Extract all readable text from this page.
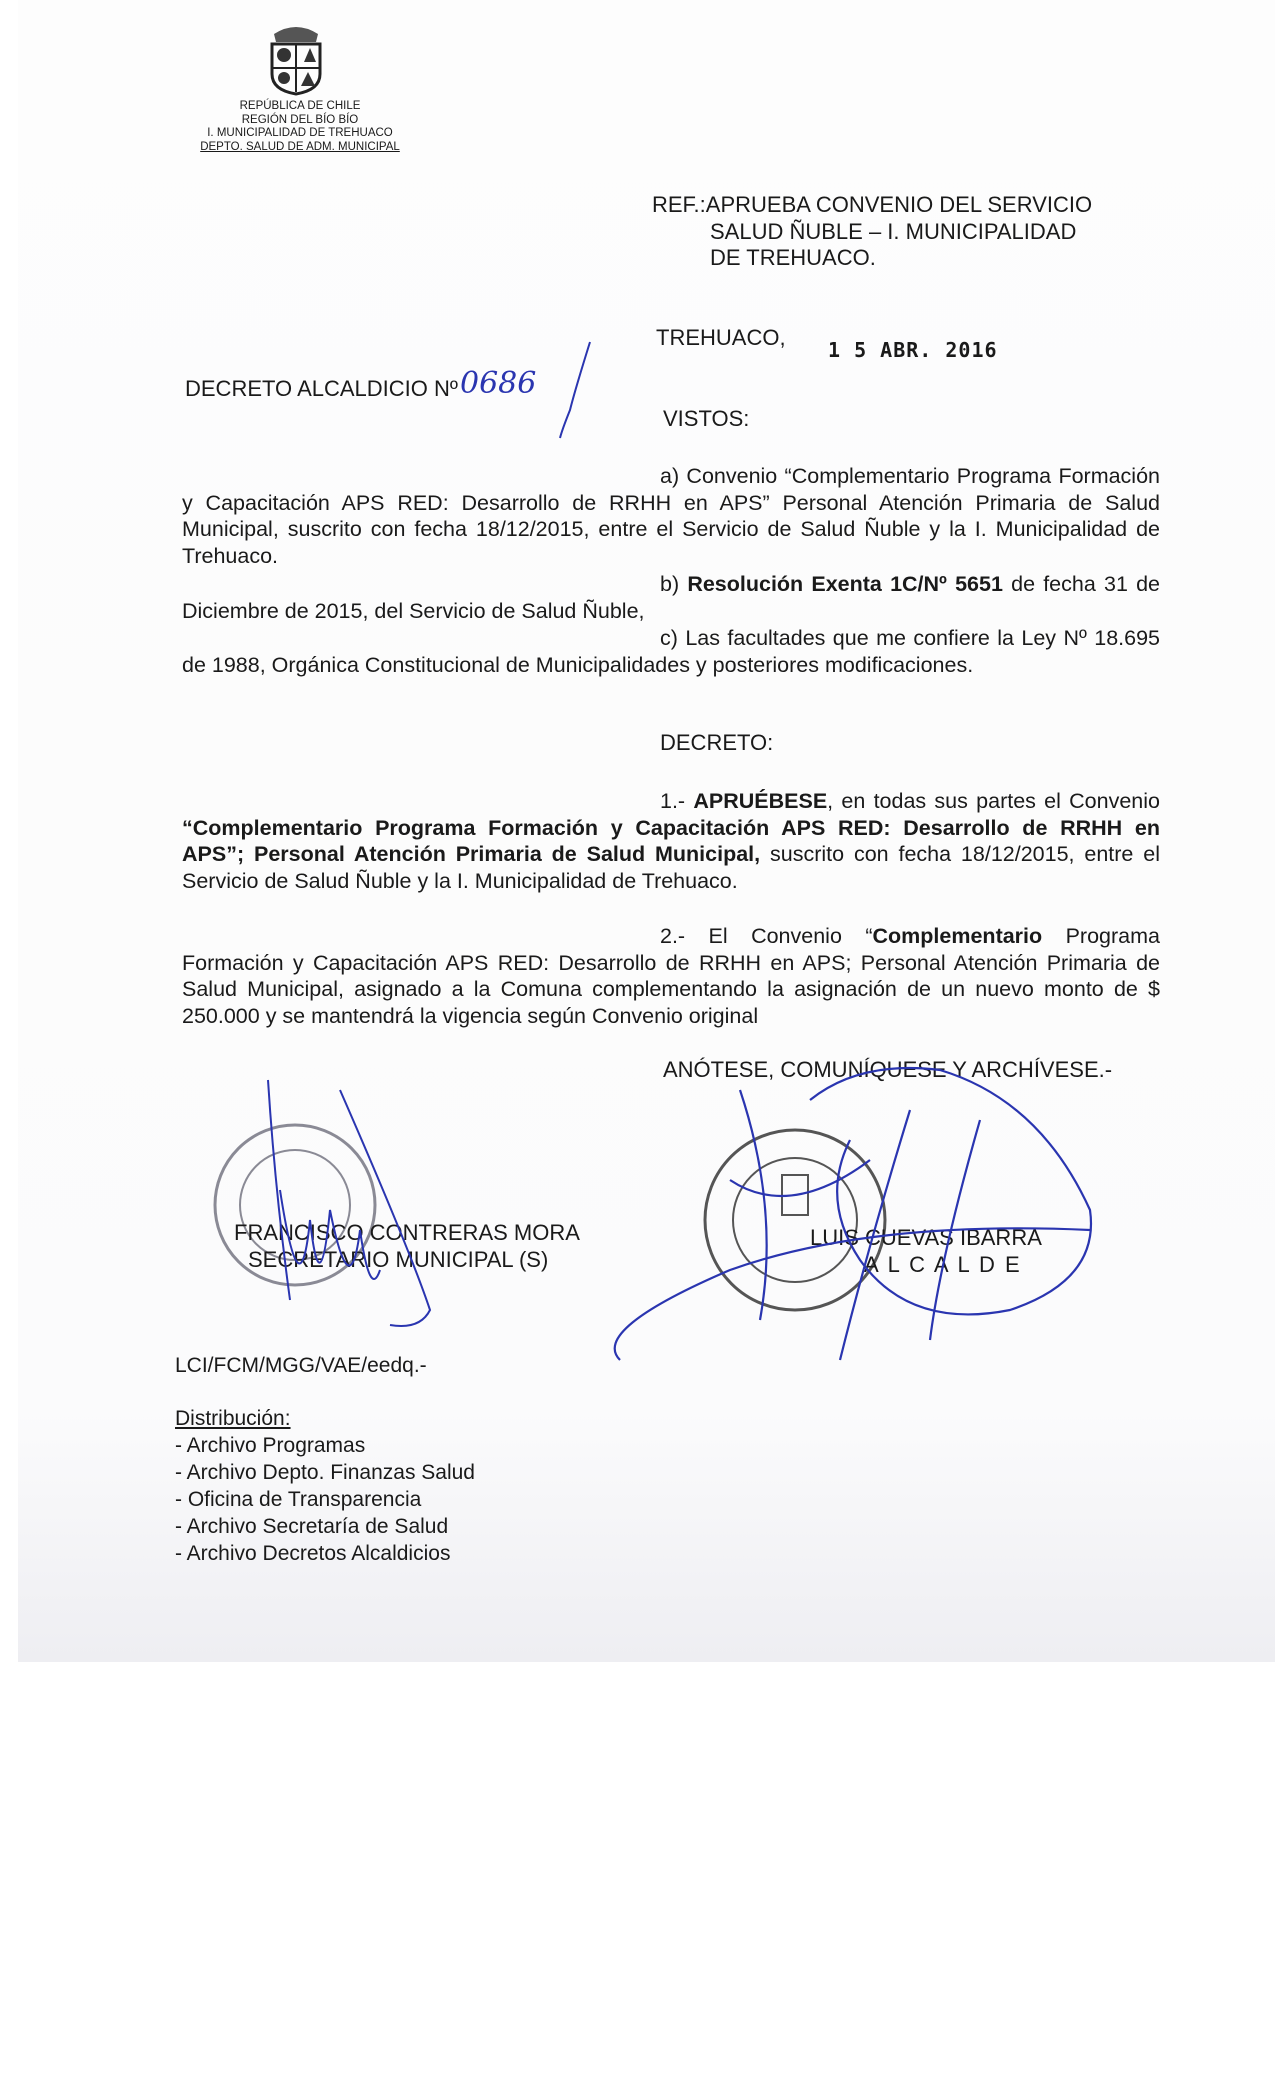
REPÚBLICA DE CHILE
REGIÓN DEL BÍO BÍO
I. MUNICIPALIDAD DE TREHUACO
DEPTO. SALUD DE ADM. MUNICIPAL
REF.:APRUEBA CONVENIO DEL SERVICIO
SALUD ÑUBLE – I. MUNICIPALIDAD
DE TREHUACO.
TREHUACO, 1 5 ABR. 2016
DECRETO ALCALDICIO Nº 0686
VISTOS:
a) Convenio “Complementario Programa Formación y Capacitación APS RED: Desarrollo de RRHH en APS” Personal Atención Primaria de Salud Municipal, suscrito con fecha 18/12/2015, entre el Servicio de Salud Ñuble y la I. Municipalidad de Trehuaco.
b) Resolución Exenta 1C/Nº 5651 de fecha 31 de Diciembre de 2015, del Servicio de Salud Ñuble,
c) Las facultades que me confiere la Ley Nº 18.695 de 1988, Orgánica Constitucional de Municipalidades y posteriores modificaciones.
DECRETO:
1.- APRUÉBESE, en todas sus partes el Convenio “Complementario Programa Formación y Capacitación APS RED: Desarrollo de RRHH en APS”; Personal Atención Primaria de Salud Municipal, suscrito con fecha 18/12/2015, entre el Servicio de Salud Ñuble y la I. Municipalidad de Trehuaco.
2.- El Convenio “Complementario Programa Formación y Capacitación APS RED: Desarrollo de RRHH en APS; Personal Atención Primaria de Salud Municipal, asignado a la Comuna complementando la asignación de un nuevo monto de $ 250.000 y se mantendrá la vigencia según Convenio original
ANÓTESE, COMUNÍQUESE Y ARCHÍVESE.-
FRANCISCO CONTRERAS MORA
SECRETARIO MUNICIPAL (S)
LUIS CUEVAS IBARRA
A L C A L D E
LCI/FCM/MGG/VAE/eedq.-
Distribución:
- Archivo Programas
- Archivo Depto. Finanzas Salud
- Oficina de Transparencia
- Archivo Secretaría de Salud
- Archivo Decretos Alcaldicios
